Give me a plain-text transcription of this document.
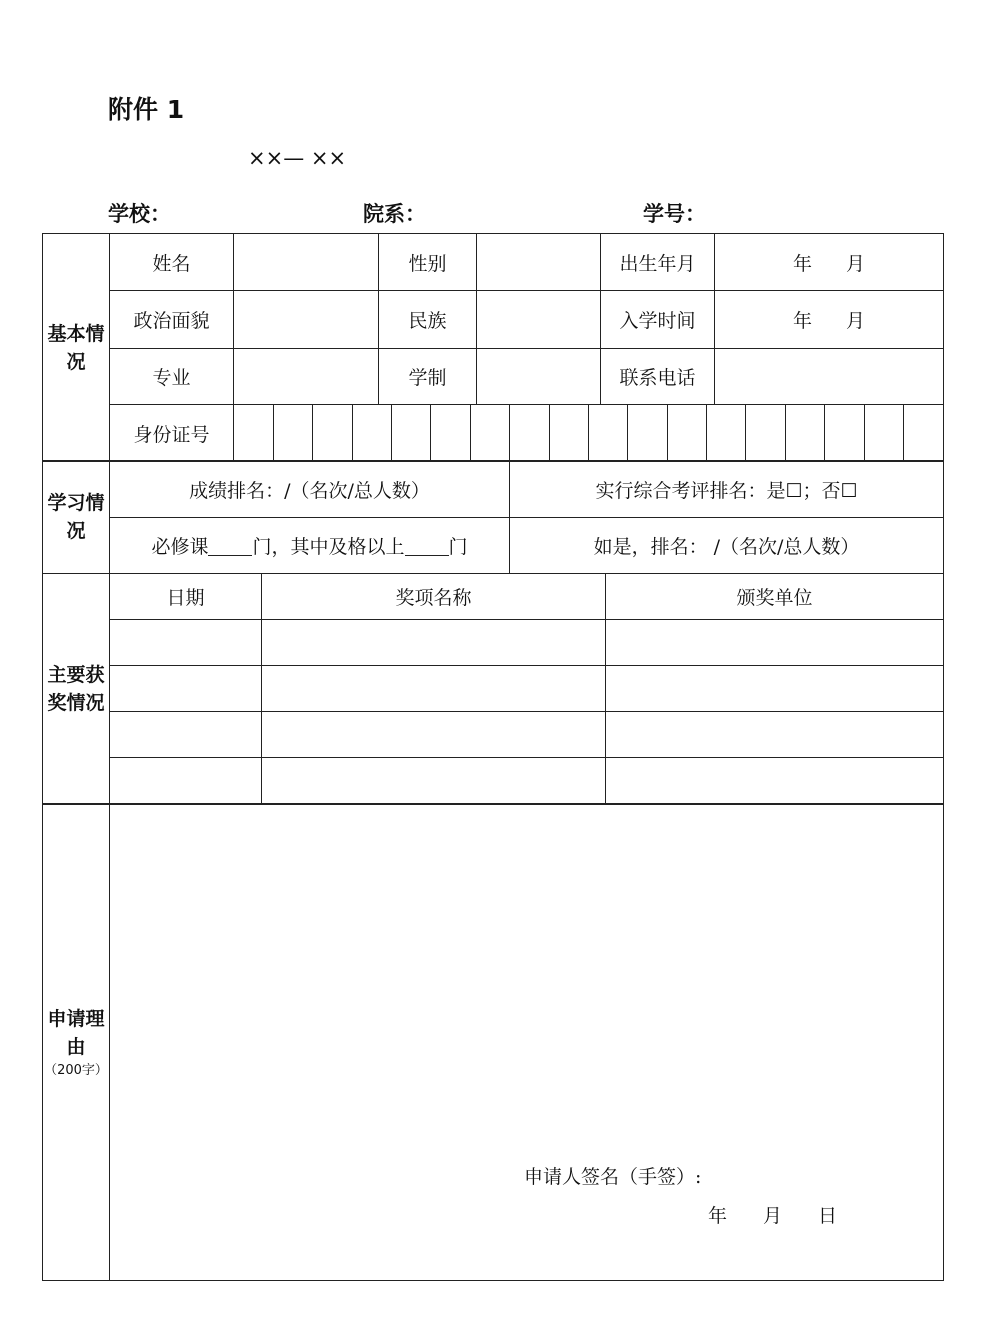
附件 1
××— ××
学校：	院系：	学号：
基本情况	姓名		性别		出生年月	年 月
政治面貌		民族		入学时间	年 月
专业		学制		联系电话	
身份证号	

学习情况	成绩排名：/（名次/总人数）	实行综合考评排名：是☐；否☐
	必修课 门，其中及格以上 门	如是，排名： /（名次/总人数）
主要获奖情况	日期	奖项名称	颁奖单位

申请理由
（200字）

申请人签名（手签）:
年 月 日
